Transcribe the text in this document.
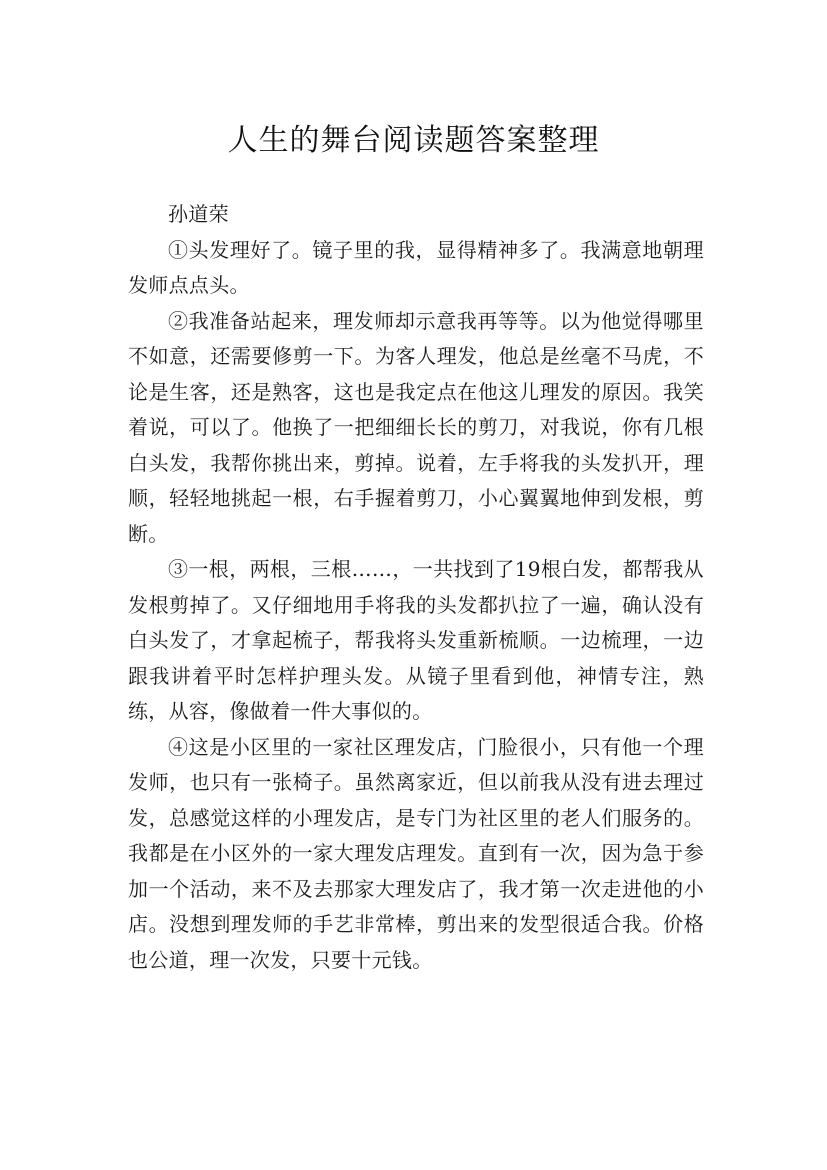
人生的舞台阅读题答案整理

孙道荣

①头发理好了。镜子里的我，显得精神多了。我满意地朝理发师点点头。

②我准备站起来，理发师却示意我再等等。以为他觉得哪里不如意，还需要修剪一下。为客人理发，他总是丝毫不马虎，不论是生客，还是熟客，这也是我定点在他这儿理发的原因。我笑着说，可以了。他换了一把细细长长的剪刀，对我说，你有几根白头发，我帮你挑出来，剪掉。说着，左手将我的头发扒开，理顺，轻轻地挑起一根，右手握着剪刀，小心翼翼地伸到发根，剪断。

③一根，两根，三根……，一共找到了19根白发，都帮我从发根剪掉了。又仔细地用手将我的头发都扒拉了一遍，确认没有白头发了，才拿起梳子，帮我将头发重新梳顺。一边梳理，一边跟我讲着平时怎样护理头发。从镜子里看到他，神情专注，熟练，从容，像做着一件大事似的。

④这是小区里的一家社区理发店，门脸很小，只有他一个理发师，也只有一张椅子。虽然离家近，但以前我从没有进去理过发，总感觉这样的小理发店，是专门为社区里的老人们服务的。我都是在小区外的一家大理发店理发。直到有一次，因为急于参加一个活动，来不及去那家大理发店了，我才第一次走进他的小店。没想到理发师的手艺非常棒，剪出来的发型很适合我。价格也公道，理一次发，只要十元钱。
